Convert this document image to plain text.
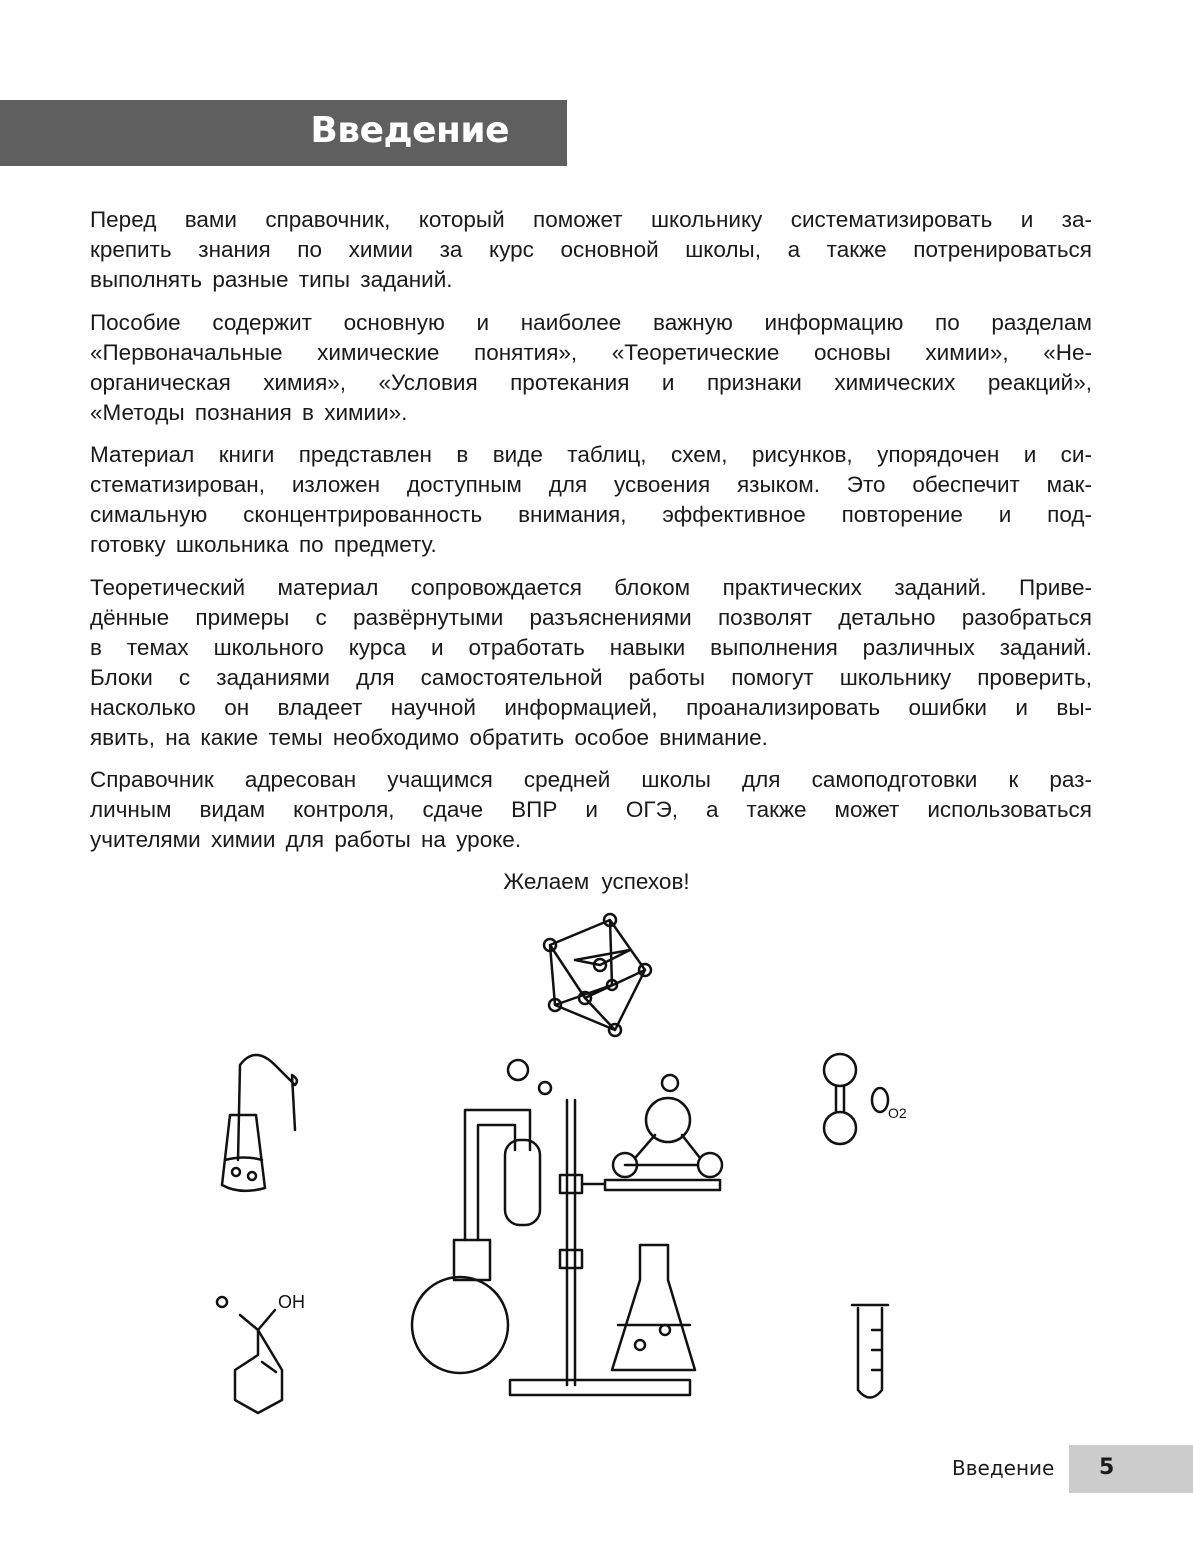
Введение
Перед вами справочник, который поможет школьнику систематизировать и за-
крепить знания по химии за курс основной школы, а также потренироваться
выполнять разные типы заданий.
Пособие содержит основную и наиболее важную информацию по разделам
«Первоначальные химические понятия», «Теоретические основы химии», «Не-
органическая химия», «Условия протекания и признаки химических реакций»,
«Методы познания в химии».
Материал книги представлен в виде таблиц, схем, рисунков, упорядочен и си-
стематизирован, изложен доступным для усвоения языком. Это обеспечит мак-
симальную сконцентрированность внимания, эффективное повторение и под-
готовку школьника по предмету.
Теоретический материал сопровождается блоком практических заданий. Приве-
дённые примеры с развёрнутыми разъяснениями позволят детально разобраться
в темах школьного курса и отработать навыки выполнения различных заданий.
Блоки с заданиями для самостоятельной работы помогут школьнику проверить,
насколько он владеет научной информацией, проанализировать ошибки и вы-
явить, на какие темы необходимо обратить особое внимание.
Справочник адресован учащимся средней школы для самоподготовки к раз-
личным видам контроля, сдаче ВПР и ОГЭ, а также может использоваться
учителями химии для работы на уроке.
Желаем успехов!
O2
OH
Введение 5
